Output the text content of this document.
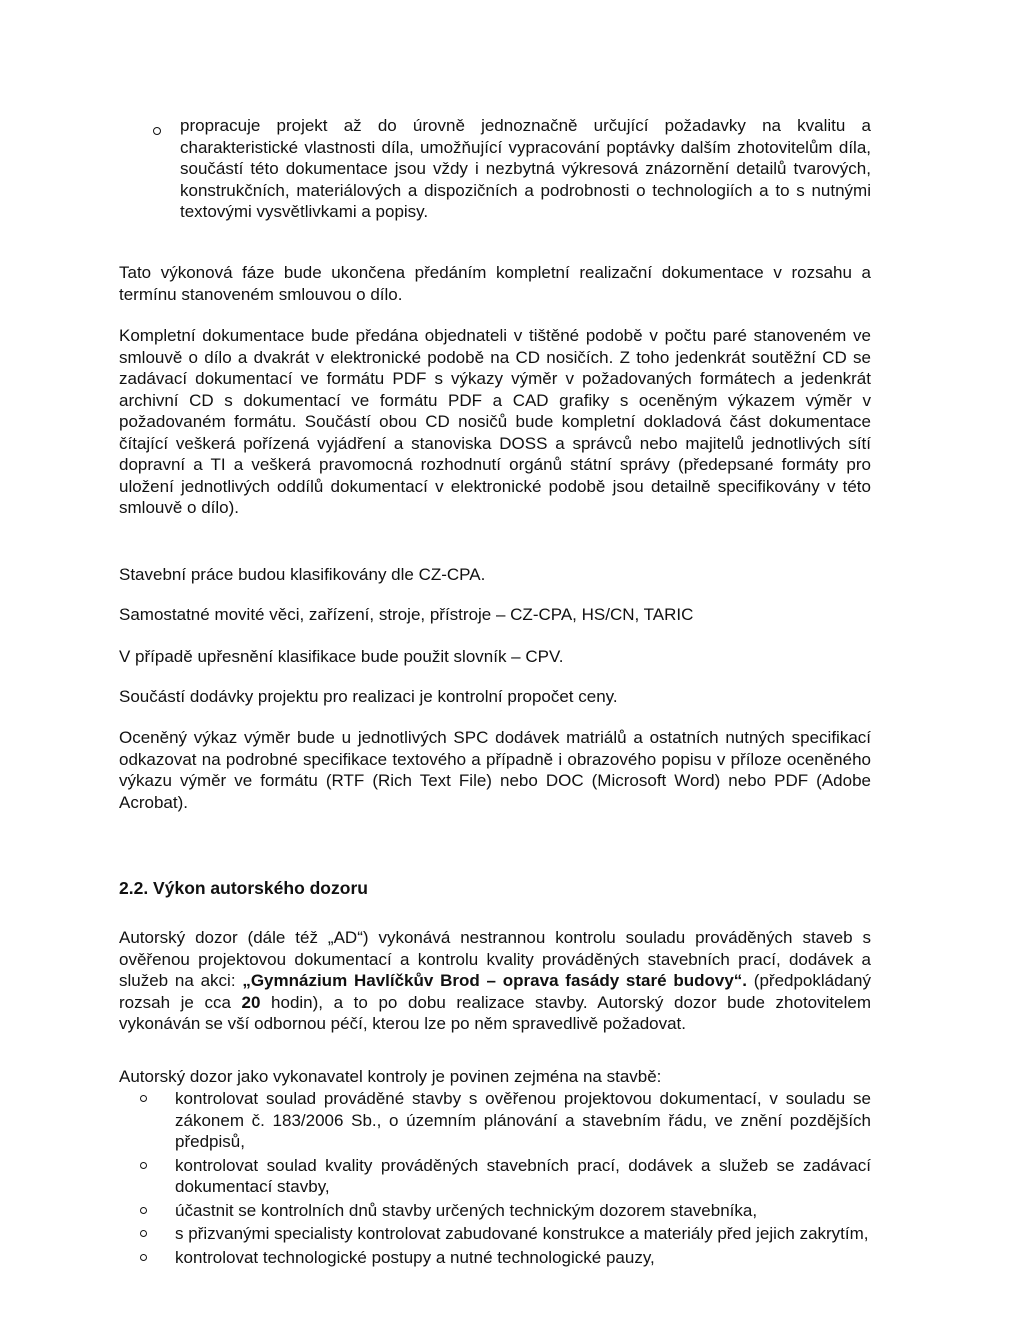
propracuje projekt až do úrovně jednoznačně určující požadavky na kvalitu a charakteristické vlastnosti díla, umožňující vypracování poptávky dalším zhotovitelům díla, součástí této dokumentace jsou vždy i nezbytná výkresová znázornění detailů tvarových, konstrukčních, materiálových a dispozičních a podrobnosti o technologiích a to s nutnými textovými vysvětlivkami a popisy.

Tato výkonová fáze bude ukončena předáním kompletní realizační dokumentace v rozsahu a termínu stanoveném smlouvou o dílo.

Kompletní dokumentace bude předána objednateli v tištěné podobě v počtu paré stanoveném ve smlouvě o dílo a dvakrát v elektronické podobě na CD nosičích. Z toho jedenkrát soutěžní CD se zadávací dokumentací ve formátu PDF s výkazy výměr v požadovaných formátech a jedenkrát archivní CD s dokumentací ve formátu PDF a CAD grafiky s oceněným výkazem výměr v požadovaném formátu. Součástí obou CD nosičů bude kompletní dokladová část dokumentace čítající veškerá pořízená vyjádření a stanoviska DOSS a správců nebo majitelů jednotlivých sítí dopravní a TI a veškerá pravomocná rozhodnutí orgánů státní správy (předepsané formáty pro uložení jednotlivých oddílů dokumentací v elektronické podobě jsou detailně specifikovány v této smlouvě o dílo).

Stavební práce budou klasifikovány dle CZ-CPA.

Samostatné movité věci, zařízení, stroje, přístroje – CZ-CPA, HS/CN, TARIC

V případě upřesnění klasifikace bude použit slovník – CPV.

Součástí dodávky projektu pro realizaci je kontrolní propočet ceny.

Oceněný výkaz výměr bude u jednotlivých SPC dodávek matriálů a ostatních nutných specifikací odkazovat na podrobné specifikace textového a případně i obrazového popisu v příloze oceněného výkazu výměr ve formátu (RTF (Rich Text File) nebo DOC (Microsoft Word) nebo PDF (Adobe Acrobat).

2.2. Výkon autorského dozoru

Autorský dozor (dále též „AD“) vykonává nestrannou kontrolu souladu prováděných staveb s ověřenou projektovou dokumentací a kontrolu kvality prováděných stavebních prací, dodávek a služeb na akci: „Gymnázium Havlíčkův Brod – oprava fasády staré budovy“. (předpokládaný rozsah je cca 20 hodin), a to po dobu realizace stavby. Autorský dozor bude zhotovitelem vykonáván se vší odbornou péčí, kterou lze po něm spravedlivě požadovat.

Autorský dozor jako vykonavatel kontroly je povinen zejména na stavbě:

kontrolovat soulad prováděné stavby s ověřenou projektovou dokumentací, v souladu se zákonem č. 183/2006 Sb., o územním plánování a stavebním řádu, ve znění pozdějších předpisů,
kontrolovat soulad kvality prováděných stavebních prací, dodávek a služeb se zadávací dokumentací stavby,
účastnit se kontrolních dnů stavby určených technickým dozorem stavebníka,
s přizvanými specialisty kontrolovat zabudované konstrukce a materiály před jejich zakrytím,
kontrolovat technologické postupy a nutné technologické pauzy,
